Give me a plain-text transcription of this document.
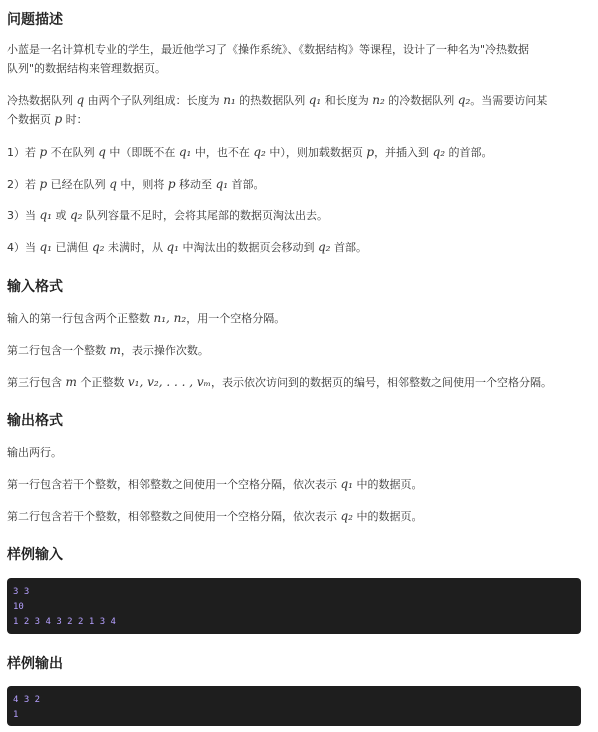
问题描述

小蓝是一名计算机专业的学生，最近他学习了《操作系统》、《数据结构》等课程，设计了一种名为"冷热数据

队列"的数据结构来管理数据页。

冷热数据队列 q 由两个子队列组成：长度为 n₁ 的热数据队列 q₁ 和长度为 n₂ 的冷数据队列 q₂。当需要访问某

个数据页 p 时：

1）若 p 不在队列 q 中（即既不在 q₁ 中，也不在 q₂ 中），则加载数据页 p，并插入到 q₂ 的首部。

2）若 p 已经在队列 q 中，则将 p 移动至 q₁ 首部。

3）当 q₁ 或 q₂ 队列容量不足时，会将其尾部的数据页淘汰出去。

4）当 q₁ 已满但 q₂ 未满时，从 q₁ 中淘汰出的数据页会移动到 q₂ 首部。

输入格式

输入的第一行包含两个正整数 n₁, n₂，用一个空格分隔。

第二行包含一个整数 m，表示操作次数。

第三行包含 m 个正整数 v₁, v₂, . . . , vₘ，表示依次访问到的数据页的编号，相邻整数之间使用一个空格分隔。

输出格式

输出两行。

第一行包含若干个整数，相邻整数之间使用一个空格分隔，依次表示 q₁ 中的数据页。

第二行包含若干个整数，相邻整数之间使用一个空格分隔，依次表示 q₂ 中的数据页。

样例输入
3 3
10
1 2 3 4 3 2 2 1 3 4
样例输出
4 3 2
1
